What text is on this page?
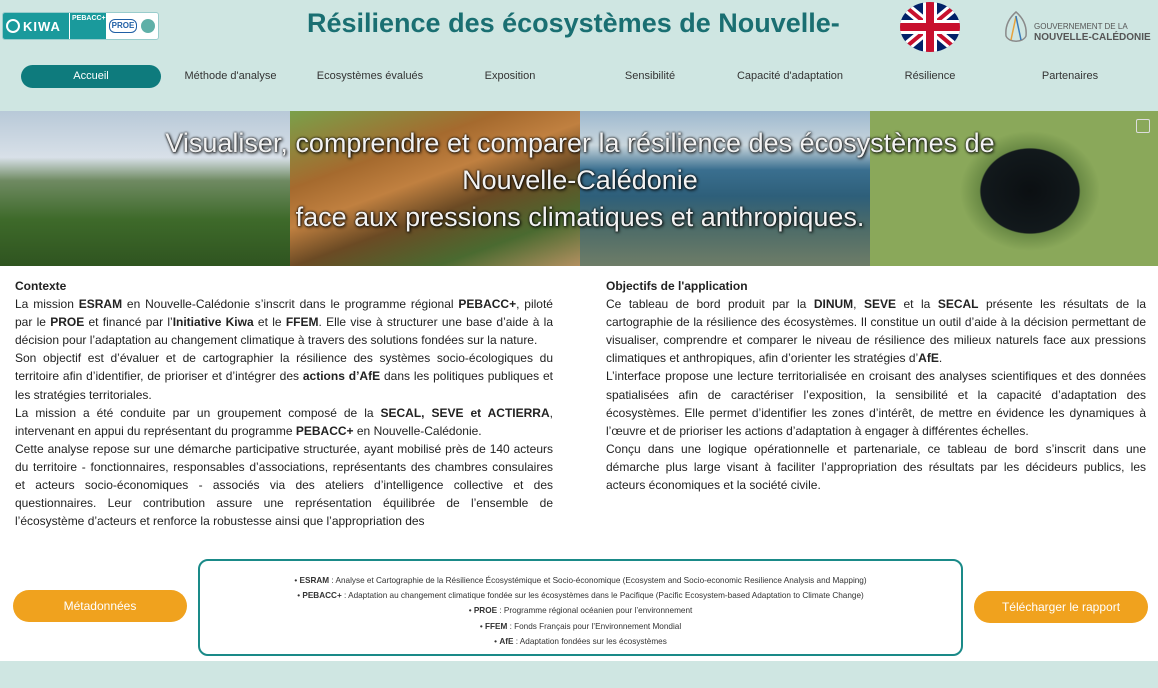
KIWA PEBACC+
PROE	Résilience des écosystèmes de Nouvelle-	GOUVERNEMENT DE LA
NOUVELLE-CALÉDONIE
Accueil	Méthode d'analyse	Ecosystèmes évalués	Exposition	Sensibilité	Capacité d'adaptation	Résilience	Partenaires
Visualiser, comprendre et comparer la résilience des écosystèmes de
Nouvelle-Calédonie
face aux pressions climatiques et anthropiques.
Contexte

La mission ESRAM en Nouvelle-Calédonie s’inscrit dans le programme régional PEBACC+, piloté par le PROE et financé par l’Initiative Kiwa et le FFEM. Elle vise à structurer une base d’aide à la décision pour l’adaptation au changement climatique à travers des solutions fondées sur la nature.

Son objectif est d’évaluer et de cartographier la résilience des systèmes socio-écologiques du territoire afin d’identifier, de prioriser et d’intégrer des actions d’AfE dans les politiques publiques et les stratégies territoriales.

La mission a été conduite par un groupement composé de la SECAL, SEVE et ACTIERRA, intervenant en appui du représentant du programme PEBACC+ en Nouvelle-Calédonie.

Cette analyse repose sur une démarche participative structurée, ayant mobilisé près de 140 acteurs du territoire - fonctionnaires, responsables d’associations, représentants des chambres consulaires et acteurs socio-économiques - associés via des ateliers d’intelligence collective et des questionnaires. Leur contribution assure une représentation équilibrée de l’ensemble de l’écosystème d’acteurs et renforce la robustesse ainsi que l’appropriation des

Objectifs de l'application

Ce tableau de bord produit par la DINUM, SEVE et la SECAL présente les résultats de la cartographie de la résilience des écosystèmes. Il constitue un outil d’aide à la décision permettant de visualiser, comprendre et comparer le niveau de résilience des milieux naturels face aux pressions climatiques et anthropiques, afin d’orienter les stratégies d’AfE.

L’interface propose une lecture territorialisée en croisant des analyses scientifiques et des données spatialisées afin de caractériser l’exposition, la sensibilité et la capacité d’adaptation des écosystèmes. Elle permet d’identifier les zones d’intérêt, de mettre en évidence les dynamiques à l’œuvre et de prioriser les actions d’adaptation à engager à différentes échelles.

Conçu dans une logique opérationnelle et partenariale, ce tableau de bord s’inscrit dans une démarche plus large visant à faciliter l’appropriation des résultats par les décideurs publics, les acteurs économiques et la société civile.

Métadonnées
• ESRAM : Analyse et Cartographie de la Résilience Écosystémique et Socio-économique (Ecosystem and Socio-economic Resilience Analysis and Mapping)
• PEBACC+ : Adaptation au changement climatique fondée sur les écosystèmes dans le Pacifique (Pacific Ecosystem-based Adaptation to Climate Change)
• PROE : Programme régional océanien pour l’environnement
• FFEM : Fonds Français pour l’Environnement Mondial
• AfE : Adaptation fondées sur les écosystèmes
Télécharger le rapport
